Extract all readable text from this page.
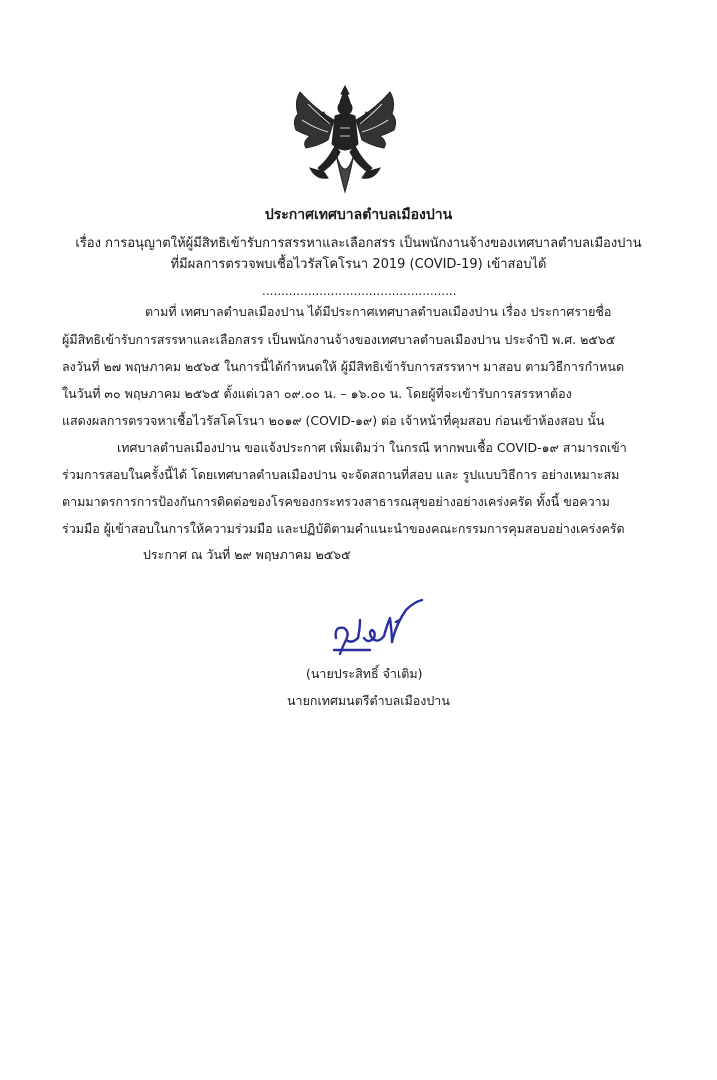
ประกาศเทศบาลตำบลเมืองปาน
เรื่อง การอนุญาตให้ผู้มีสิทธิเข้ารับการสรรหาและเลือกสรร เป็นพนักงานจ้างของเทศบาลตำบลเมืองปาน
ที่มีผลการตรวจพบเชื้อไวรัสโคโรนา 2019 (COVID-19) เข้าสอบได้
...................................................
ตามที่ เทศบาลตำบลเมืองปาน ได้มีประกาศเทศบาลตำบลเมืองปาน เรื่อง ประกาศรายชื่อ
ผู้มีสิทธิเข้ารับการสรรหาและเลือกสรร เป็นพนักงานจ้างของเทศบาลตำบลเมืองปาน ประจำปี พ.ศ. ๒๕๖๕
ลงวันที่ ๒๗ พฤษภาคม ๒๕๖๕ ในการนี้ได้กำหนดให้ ผู้มีสิทธิเข้ารับการสรรหาฯ มาสอบ ตามวิธีการกำหนด
ในวันที่ ๓๐ พฤษภาคม ๒๕๖๕ ตั้งแต่เวลา ๐๙.๐๐ น. – ๑๖.๐๐ น. โดยผู้ที่จะเข้ารับการสรรหาต้อง
แสดงผลการตรวจหาเชื้อไวรัสโคโรนา ๒๐๑๙ (COVID-๑๙) ต่อ เจ้าหน้าที่คุมสอบ ก่อนเข้าห้องสอบ นั้น
เทศบาลตำบลเมืองปาน ขอแจ้งประกาศ เพิ่มเติมว่า ในกรณี หากพบเชื้อ COVID-๑๙ สามารถเข้า
ร่วมการสอบในครั้งนี้ได้ โดยเทศบาลตำบลเมืองปาน จะจัดสถานที่สอบ และ รูปแบบวิธีการ อย่างเหมาะสม
ตามมาตรการการป้องกันการติดต่อของโรคของกระทรวงสาธารณสุขอย่างอย่างเคร่งครัด ทั้งนี้ ขอความ
ร่วมมือ ผู้เข้าสอบในการให้ความร่วมมือ และปฏิบัติตามคำแนะนำของคณะกรรมการคุมสอบอย่างเคร่งครัด
ประกาศ ณ วันที่ ๒๙ พฤษภาคม ๒๕๖๕
(นายประสิทธิ์ จำเติม)
นายกเทศมนตรีตำบลเมืองปาน
